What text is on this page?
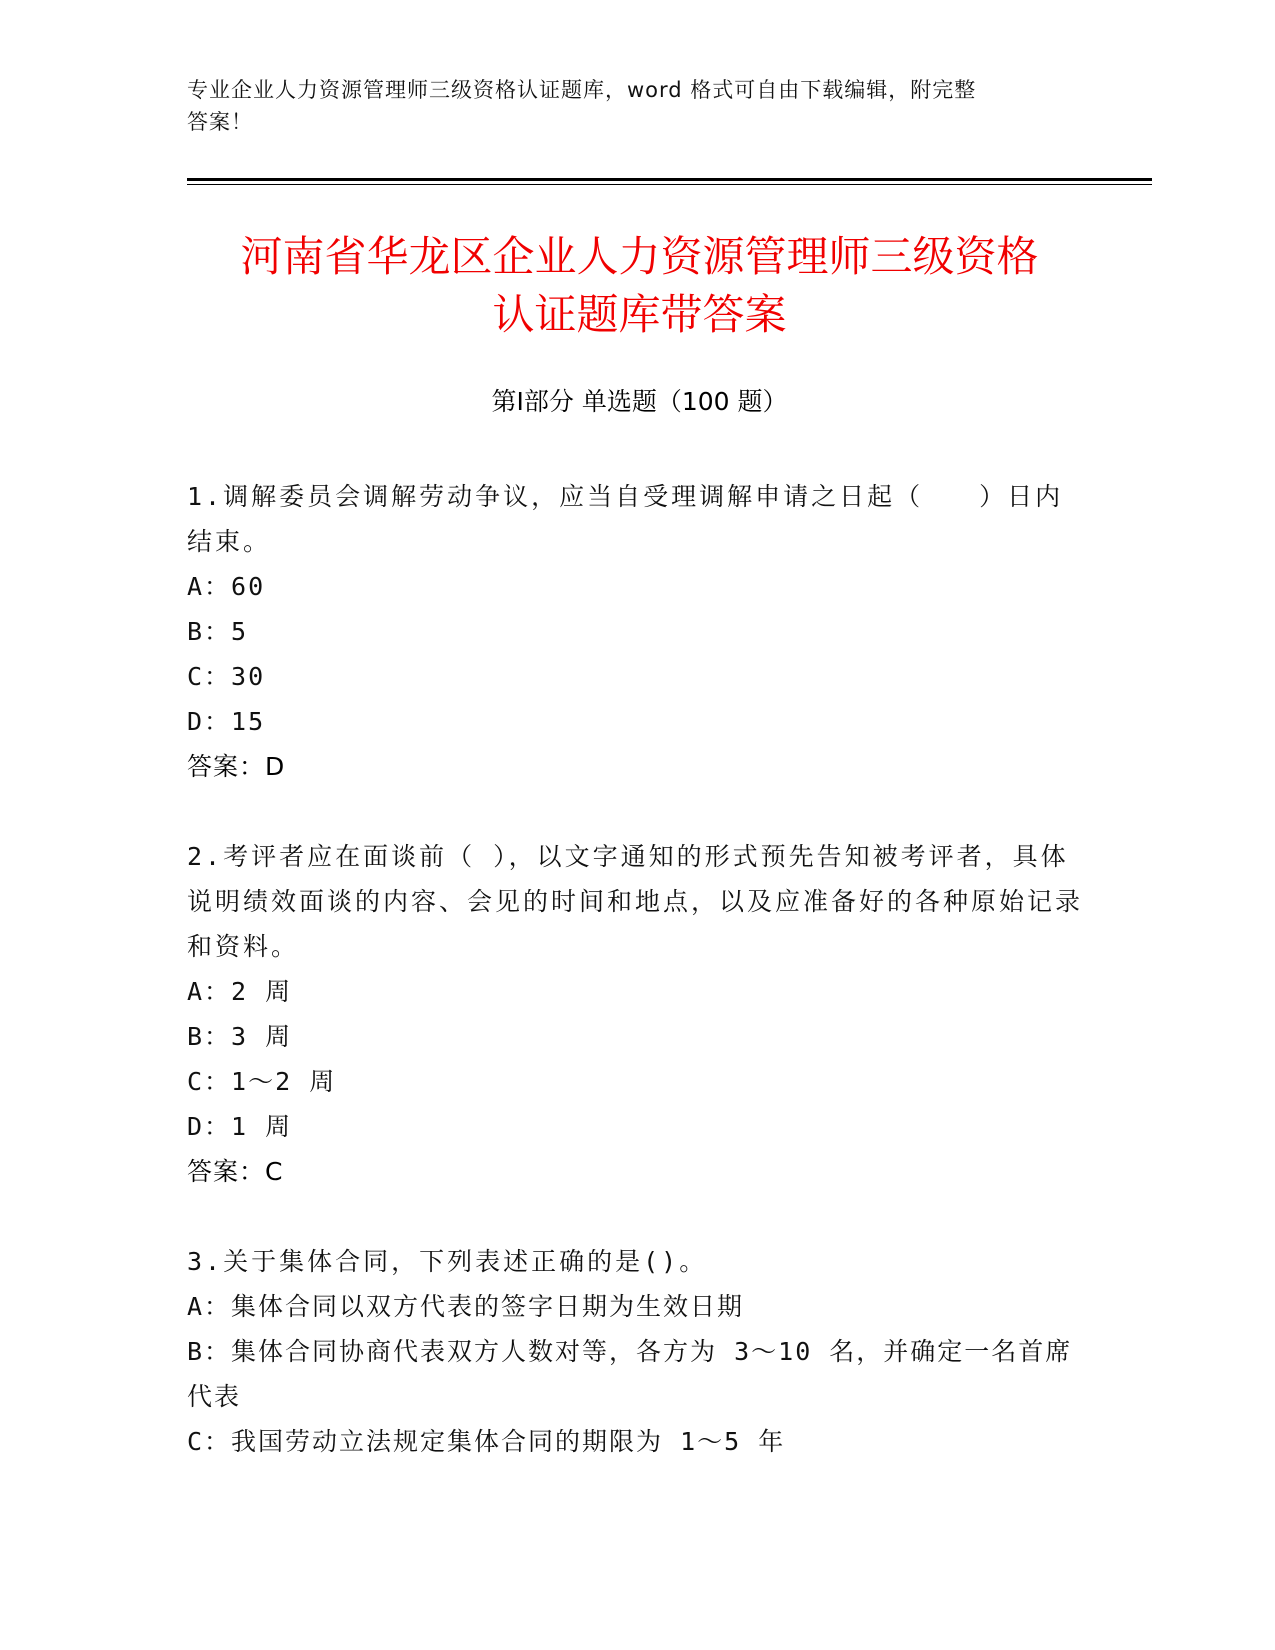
专业企业人力资源管理师三级资格认证题库，word 格式可自由下载编辑，附完整
答案！
河南省华龙区企业人力资源管理师三级资格
认证题库带答案
第Ⅰ部分 单选题（100 题）
1.调解委员会调解劳动争议，应当自受理调解申请之日起（　　）日内结束。
A：60
B：5
C：30
D：15
答案：D
2.考评者应在面谈前（ ），以文字通知的形式预先告知被考评者，具体说明绩效面谈的内容、会见的时间和地点，以及应准备好的各种原始记录和资料。
A：2 周
B：3 周
C：1～2 周
D：1 周
答案：C
3.关于集体合同，下列表述正确的是()。
A：集体合同以双方代表的签字日期为生效日期
B：集体合同协商代表双方人数对等，各方为 3～10 名，并确定一名首席代表
C：我国劳动立法规定集体合同的期限为 1～5 年
